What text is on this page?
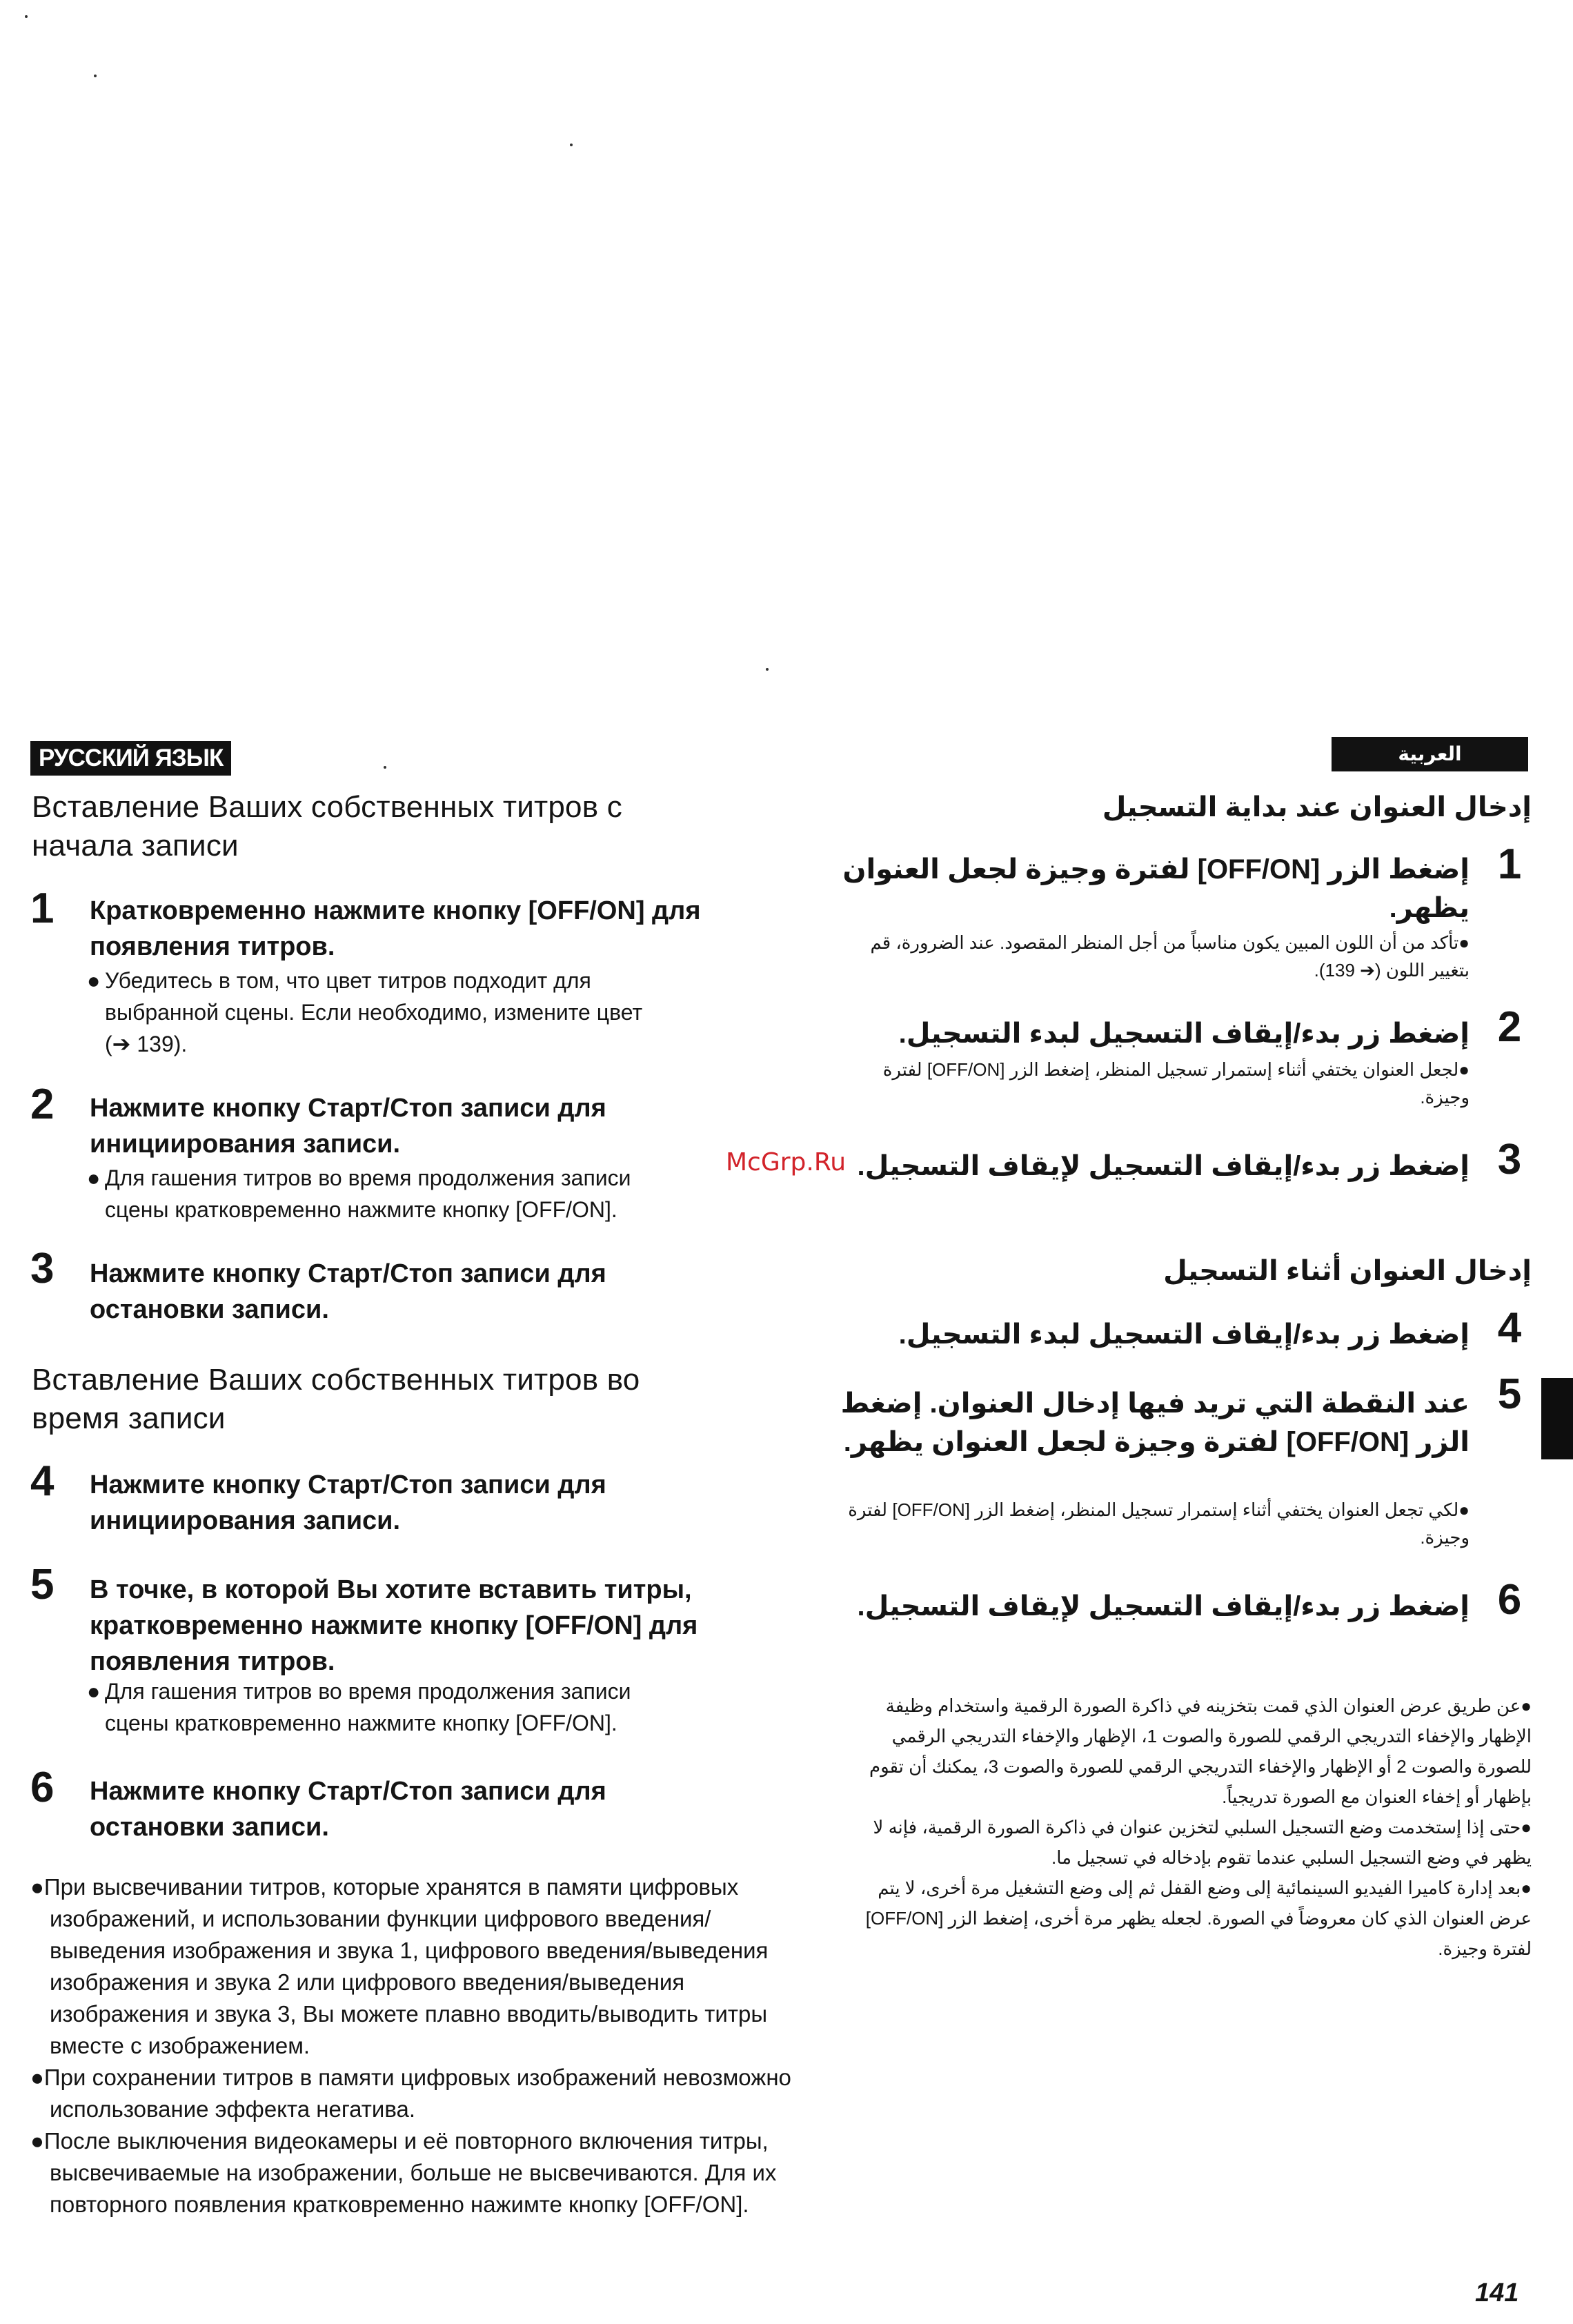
РУССКИЙ ЯЗЫК
Вставление Ваших собственных титров с
начала записи
1	Кратковременно нажмите кнопку [OFF/ON] для
появления титров.
● Убедитесь в том, что цвет титров подходит для
выбранной сцены. Если необходимо, измените цвет
(➔ 139).
2	Нажмите кнопку Старт/Стоп записи для
инициирования записи.
● Для гашения титров во время продолжения записи
сцены кратковременно нажмите кнопку [OFF/ON].
3	Нажмите кнопку Старт/Стоп записи для
остановки записи.
Вставление Ваших собственных титров во
время записи
4	Нажмите кнопку Старт/Стоп записи для
инициирования записи.
5	В точке, в которой Вы хотите вставить титры,
кратковременно нажмите кнопку [OFF/ON] для
появления титров.
● Для гашения титров во время продолжения записи
сцены кратковременно нажмите кнопку [OFF/ON].
6	Нажмите кнопку Старт/Стоп записи для
остановки записи.

●При высвечивании титров, которые хранятся в памяти цифровых изображений, и использовании функции цифрового введения/выведения изображения и звука 1, цифрового введения/выведения изображения и звука 2 или цифрового введения/выведения изображения и звука 3, Вы можете плавно вводить/выводить титры вместе с изображением.

●При сохранении титров в памяти цифровых изображений невозможно использование эффекта негатива.

●После выключения видеокамеры и её повторного включения титры, высвечиваемые на изображении, больше не высвечиваются. Для их повторного появления кратковременно нажимте кнопку [OFF/ON].

McGrp.Ru
العربية
إدخال العنوان عند بداية التسجيل
1
إضغط الزر [OFF/ON] لفترة وجيزة لجعل العنوان يظهر.
●تأكد من أن اللون المبين يكون مناسباً من أجل المنظر المقصود. عند الضرورة، قم بتغيير اللون (➔ 139).
2
إضغط زر بدء/إيقاف التسجيل لبدء التسجيل.
●لجعل العنوان يختفي أثناء إستمرار تسجيل المنظر، إضغط الزر [OFF/ON] لفترة وجيزة.
3
إضغط زر بدء/إيقاف التسجيل لإيقاف التسجيل.
إدخال العنوان أثناء التسجيل
4
إضغط زر بدء/إيقاف التسجيل لبدء التسجيل.
5
عند النقطة التي تريد فيها إدخال العنوان. إضغط الزر [OFF/ON] لفترة وجيزة لجعل العنوان يظهر.
●لكي تجعل العنوان يختفي أثناء إستمرار تسجيل المنظر، إضغط الزر [OFF/ON] لفترة وجيزة.
6
إضغط زر بدء/إيقاف التسجيل لإيقاف التسجيل.

●عن طريق عرض العنوان الذي قمت بتخزينه في ذاكرة الصورة الرقمية واستخدام وظيفة الإظهار والإخفاء التدريجي الرقمي للصورة والصوت 1، الإظهار والإخفاء التدريجي الرقمي للصورة والصوت 2 أو الإظهار والإخفاء التدريجي الرقمي للصورة والصوت 3، يمكنك أن تقوم بإظهار أو إخفاء العنوان مع الصورة تدريجياً.

●حتى إذا إستخدمت وضع التسجيل السلبي لتخزين عنوان في ذاكرة الصورة الرقمية، فإنه لا يظهر في وضع التسجيل السلبي عندما تقوم بإدخاله في تسجيل ما.

●بعد إدارة كاميرا الفيديو السينمائية إلى وضع القفل ثم إلى وضع التشغيل مرة أخرى، لا يتم عرض العنوان الذي كان معروضاً في الصورة. لجعله يظهر مرة أخرى، إضغط الزر [OFF/ON] لفترة وجيزة.

141
